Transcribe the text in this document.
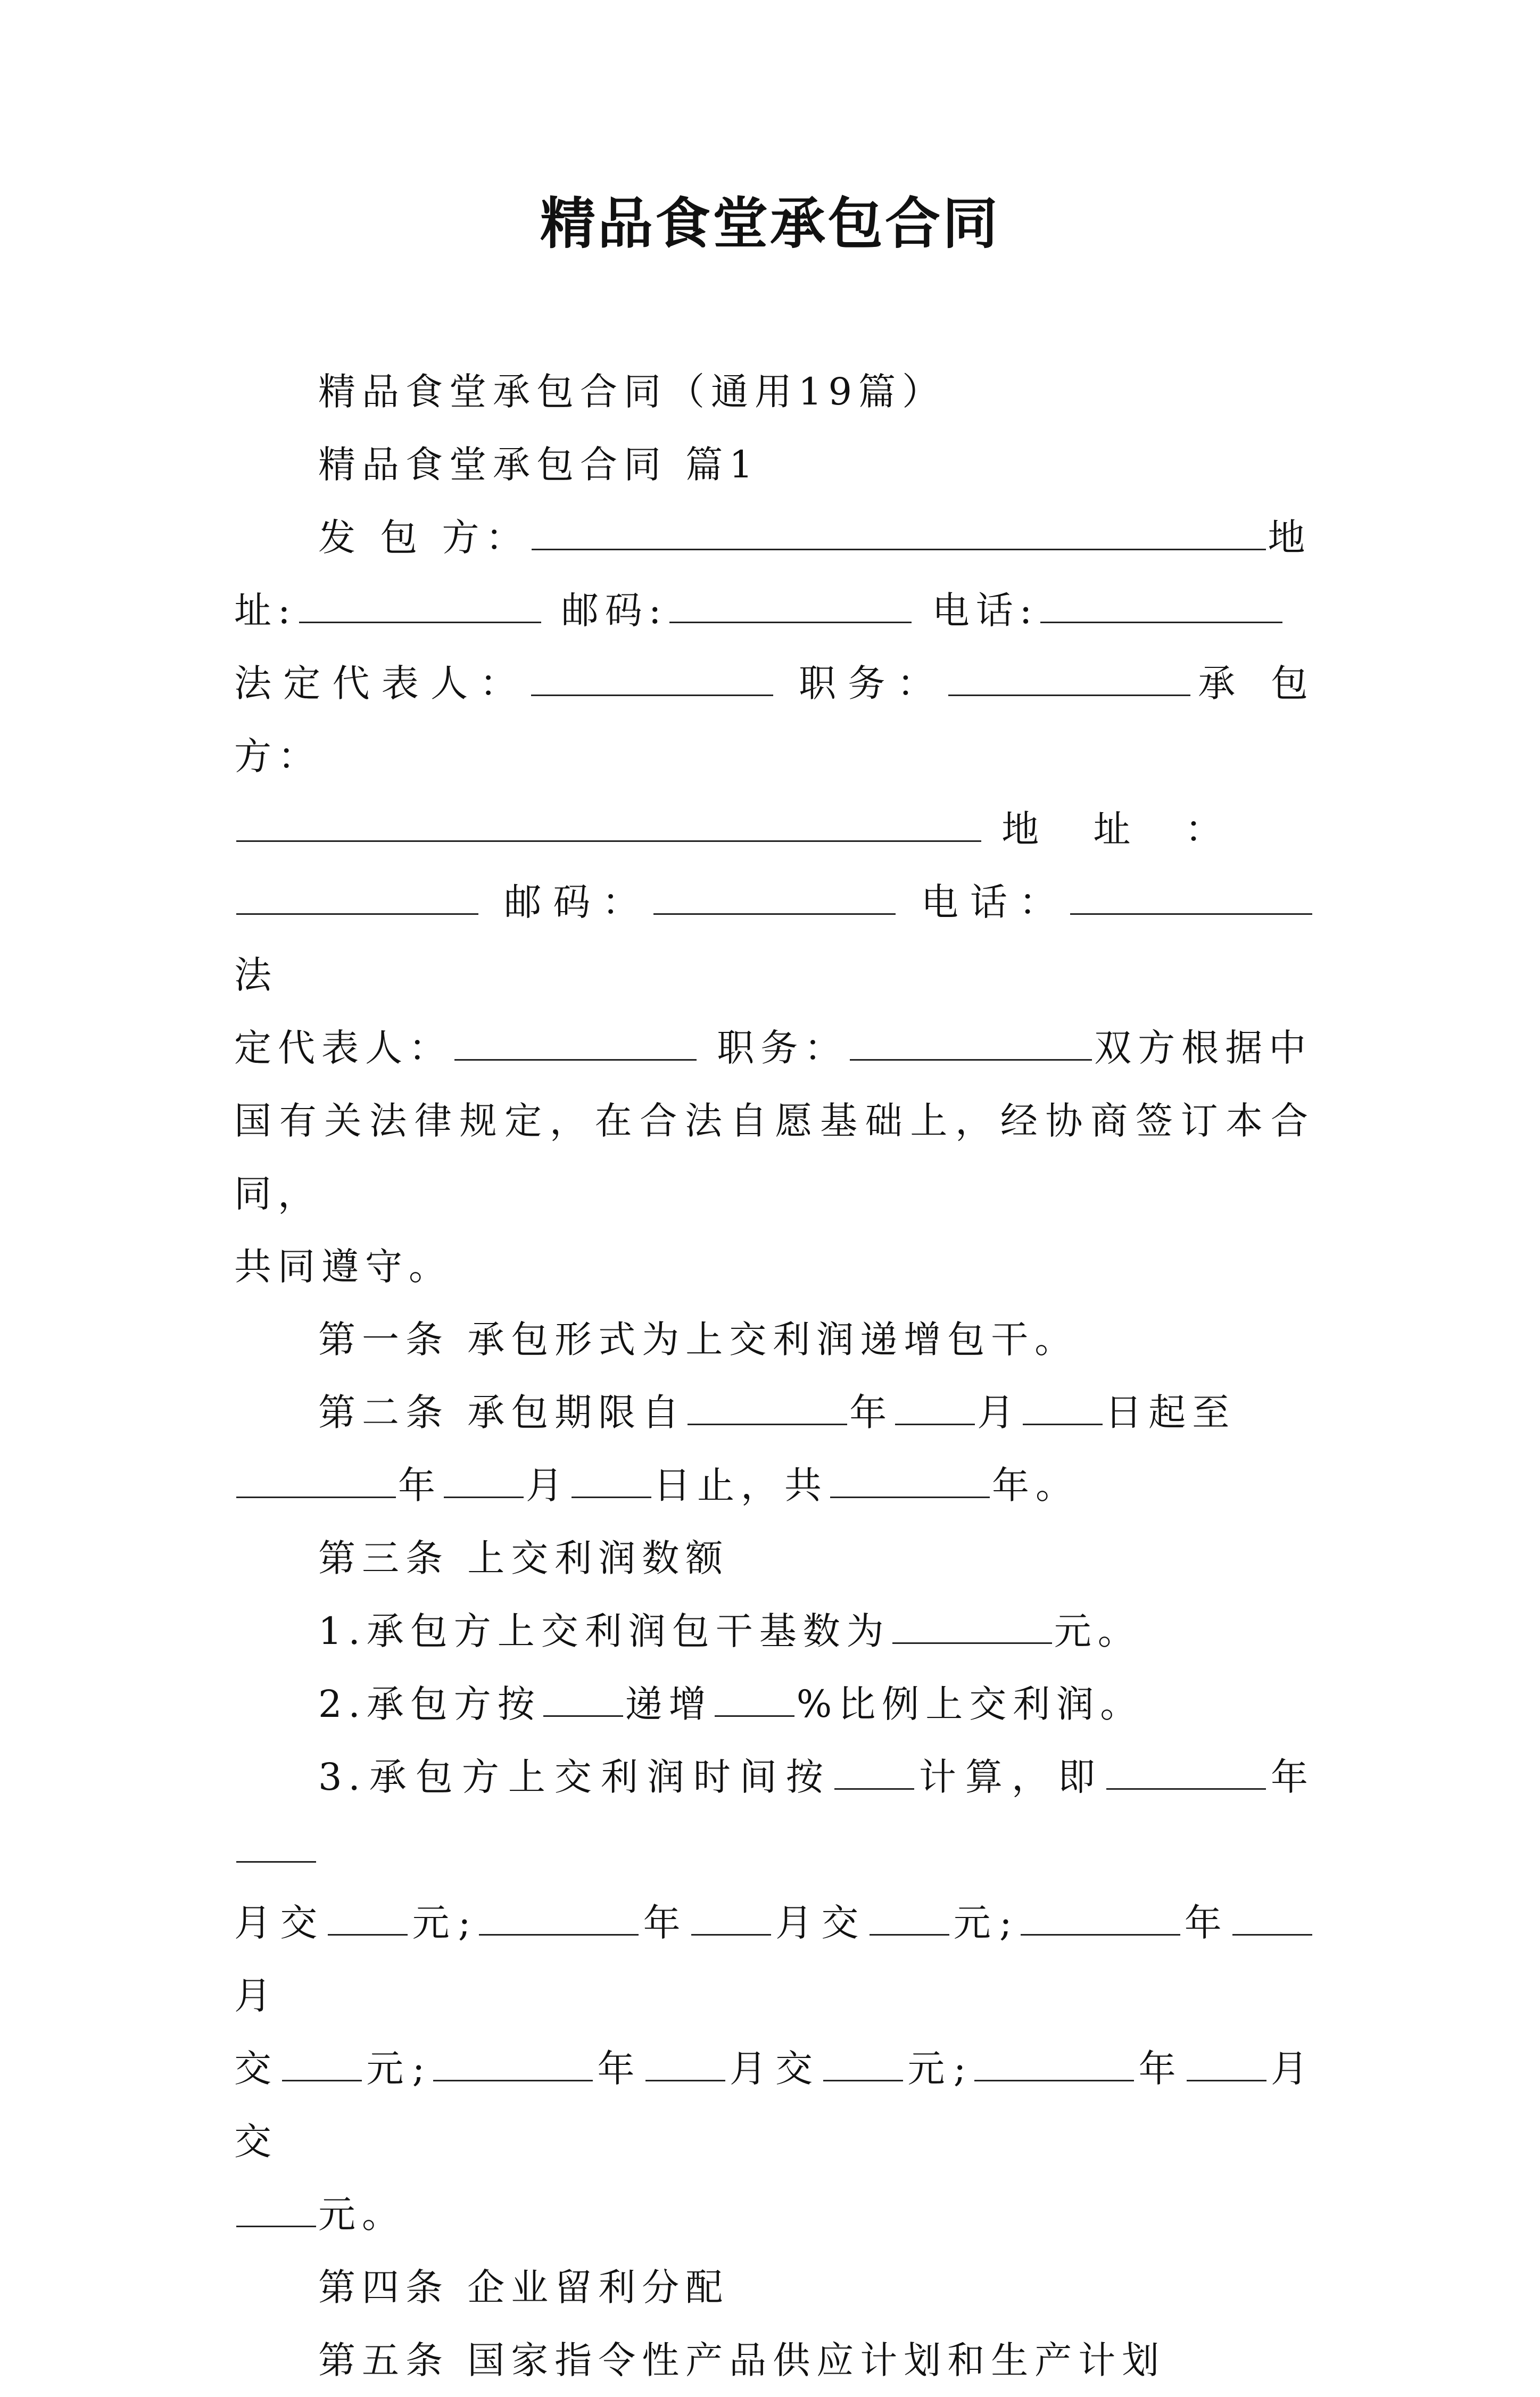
精品食堂承包合同

精品食堂承包合同（通用19篇）

精品食堂承包合同 篇1

发 包 方：	地

址:	邮码:	电话:

法定代表人：	职务：	承 包 方：

地 址 ：

邮码：	电话：法

定代表人：	职务：	双方根据中

国有关法律规定，在合法自愿基础上，经协商签订本合同，

共同遵守。

第一条 承包形式为上交利润递增包干。

第二条 承包期限自	年 月 日起至

年 月 日止，共	年。

第三条 上交利润数额

1.承包方上交利润包干基数为	元。

2.承包方按 递增 %比例上交利润。

3.承包方上交利润时间按 计算，即	年

月交 元;	年 月交 元;	年月

交 元;	年 月交 元;	年 月交

元。

第四条 企业留利分配

第五条 国家指令性产品供应计划和生产计划
